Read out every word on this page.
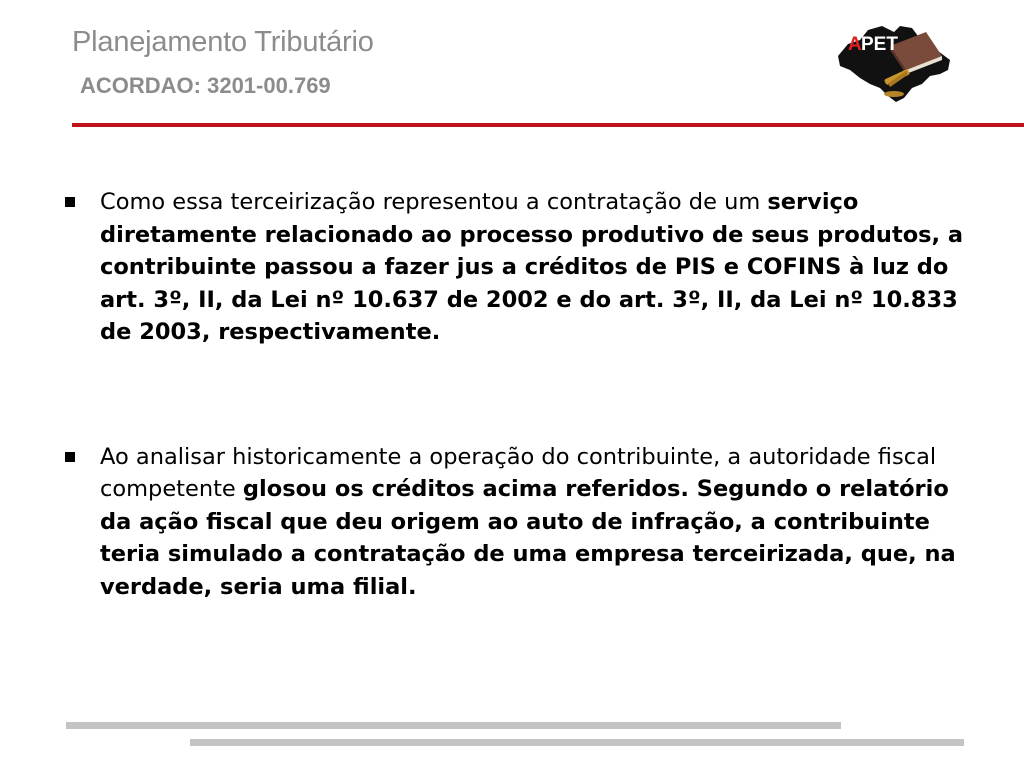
Planejamento Tributário
ACORDAO: 3201-00.769
A PET
Como essa terceirização representou a contratação de um serviço diretamente relacionado ao processo produtivo de seus produtos, a contribuinte passou a fazer jus a créditos de PIS e COFINS à luz do art. 3º, II, da Lei nº 10.637 de 2002 e do art. 3º, II, da Lei nº 10.833 de 2003, respectivamente.
Ao analisar historicamente a operação do contribuinte, a autoridade fiscal competente glosou os créditos acima referidos. Segundo o relatório da ação fiscal que deu origem ao auto de infração, a contribuinte teria simulado a contratação de uma empresa terceirizada, que, na verdade, seria uma filial.
